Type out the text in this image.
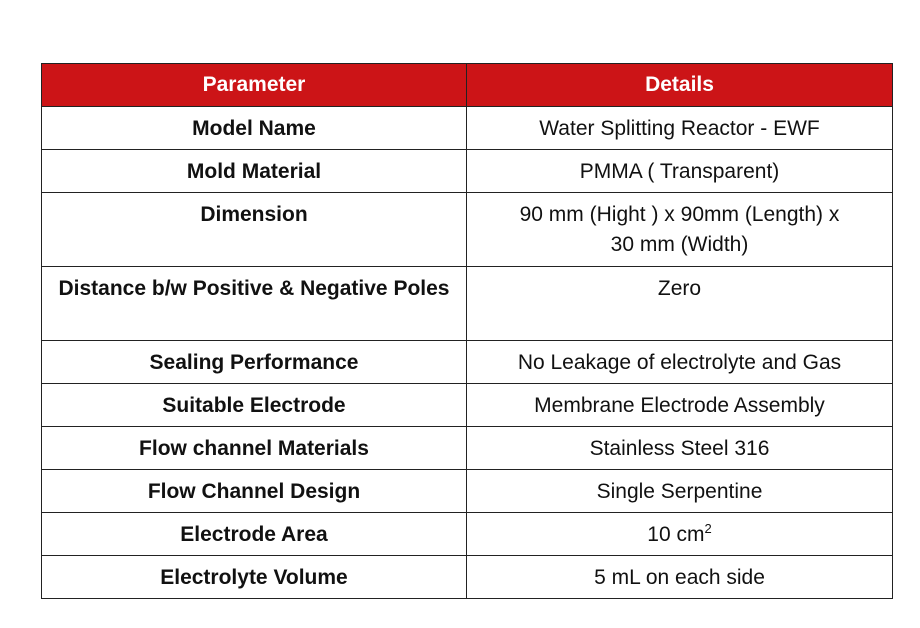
Parameter	Details
Model Name	Water Splitting Reactor - EWF
Mold Material	PMMA ( Transparent)
Dimension	90 mm (Hight ) x 90mm (Length) x 30 mm (Width)
Distance b/w Positive & Negative Poles	Zero
Sealing Performance	No Leakage of electrolyte and Gas
Suitable Electrode	Membrane Electrode Assembly
Flow channel Materials	Stainless Steel 316
Flow Channel Design	Single Serpentine
Electrode Area	10 $cm^2$
Electrolyte Volume	5 mL on each side
